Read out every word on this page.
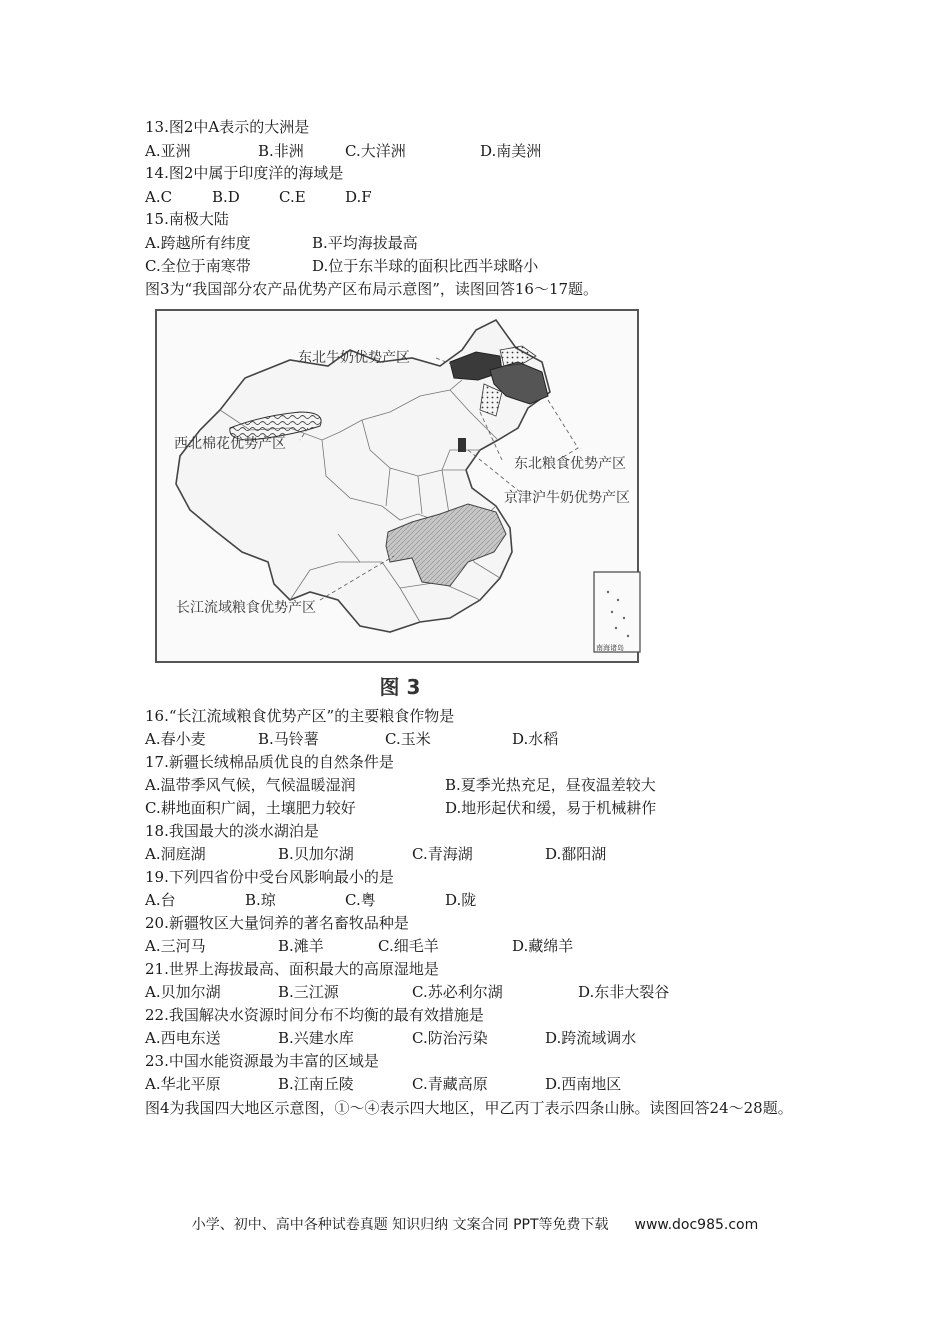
13.图2中A表示的大洲是
A.亚洲	B.非洲	C.大洋洲	D.南美洲
14.图2中属于印度洋的海域是
A.C	B.D	C.E	D.F
15.南极大陆
A.跨越所有纬度	B.平均海拔最高
C.全位于南寒带	D.位于东半球的面积比西半球略小
图3为“我国部分农产品优势产区布局示意图”，读图回答16～17题。
东北牛奶优势产区
西北棉花优势产区
东北粮食优势产区
京津沪牛奶优势产区
长江流域粮食优势产区
南海诸岛
图 3
16.“长江流域粮食优势产区”的主要粮食作物是
A.春小麦	B.马铃薯	C.玉米	D.水稻
17.新疆长绒棉品质优良的自然条件是
A.温带季风气候，气候温暖湿润	B.夏季光热充足，昼夜温差较大
C.耕地面积广阔，土壤肥力较好	D.地形起伏和缓，易于机械耕作
18.我国最大的淡水湖泊是
A.洞庭湖	B.贝加尔湖	C.青海湖	D.鄱阳湖
19.下列四省份中受台风影响最小的是
A.台	B.琼	C.粤	D.陇
20.新疆牧区大量饲养的著名畜牧品种是
A.三河马	B.滩羊	C.细毛羊	D.藏绵羊
21.世界上海拔最高、面积最大的高原湿地是
A.贝加尔湖	B.三江源	C.苏必利尔湖	D.东非大裂谷
22.我国解决水资源时间分布不均衡的最有效措施是
A.西电东送	B.兴建水库	C.防治污染	D.跨流域调水
23.中国水能资源最为丰富的区域是
A.华北平原	B.江南丘陵	C.青藏高原	D.西南地区
图4为我国四大地区示意图，①～④表示四大地区，甲乙丙丁表示四条山脉。读图回答24～28题。
小学、初中、高中各种试卷真题 知识归纳 文案合同 PPT等免费下载 www.doc985.com
